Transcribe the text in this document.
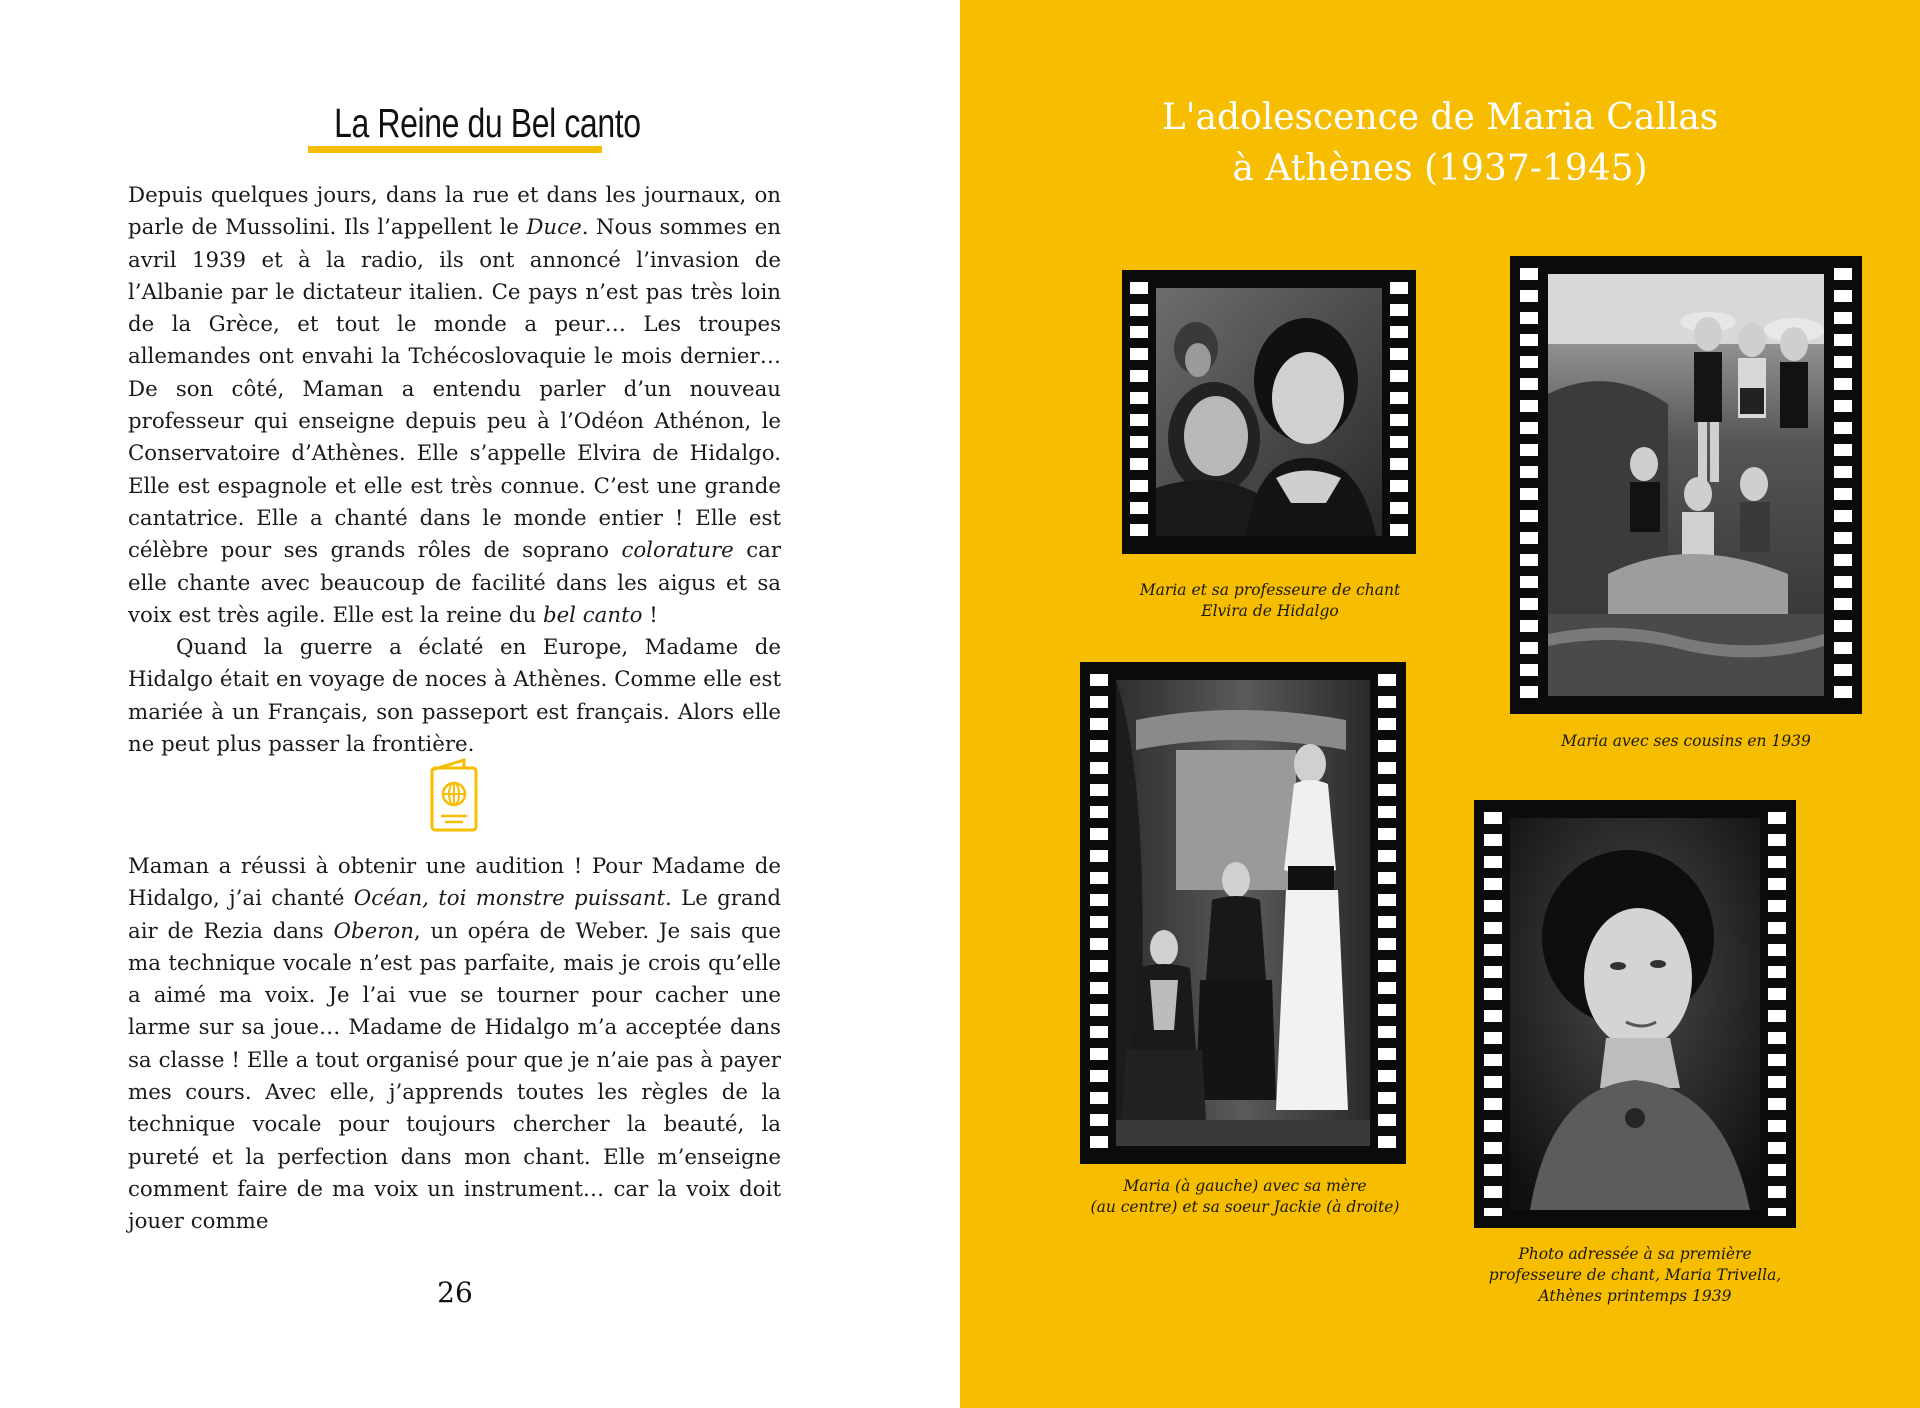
La Reine du Bel canto

Depuis quelques jours, dans la rue et dans les journaux, on parle de Mussolini. Ils l’appellent le Duce. Nous sommes en avril 1939 et à la radio, ils ont annoncé l’invasion de l’Albanie par le dictateur italien. Ce pays n’est pas très loin de la Grèce, et tout le monde a peur… Les troupes allemandes ont envahi la Tchécoslovaquie le mois dernier… De son côté, Maman a entendu parler d’un nouveau professeur qui enseigne depuis peu à l’Odéon Athénon, le Conservatoire d’Athènes. Elle s’appelle Elvira de Hidalgo. Elle est espagnole et elle est très connue. C’est une grande cantatrice. Elle a chanté dans le monde entier ! Elle est célèbre pour ses grands rôles de soprano colorature car elle chante avec beaucoup de facilité dans les aigus et sa voix est très agile. Elle est la reine du bel canto !

Quand la guerre a éclaté en Europe, Madame de Hidalgo était en voyage de noces à Athènes. Comme elle est mariée à un Français, son passeport est français. Alors elle ne peut plus passer la frontière.

Maman a réussi à obtenir une audition ! Pour Madame de Hidalgo, j’ai chanté Océan, toi monstre puissant. Le grand air de Rezia dans Oberon, un opéra de Weber. Je sais que ma technique vocale n’est pas parfaite, mais je crois qu’elle a aimé ma voix. Je l’ai vue se tourner pour cacher une larme sur sa joue… Madame de Hidalgo m’a acceptée dans sa classe ! Elle a tout organisé pour que je n’aie pas à payer mes cours. Avec elle, j’apprends toutes les règles de la technique vocale pour toujours chercher la beauté, la pureté et la perfection dans mon chant. Elle m’enseigne comment faire de ma voix un instrument… car la voix doit jouer comme

26
L'adolescence de Maria Callas
à Athènes (1937-1945)
Maria et sa professeure de chant
Elvira de Hidalgo
Maria avec ses cousins en 1939
Maria (à gauche) avec sa mère
(au centre) et sa soeur Jackie (à droite)
Photo adressée à sa première
professeure de chant, Maria Trivella,
Athènes printemps 1939
